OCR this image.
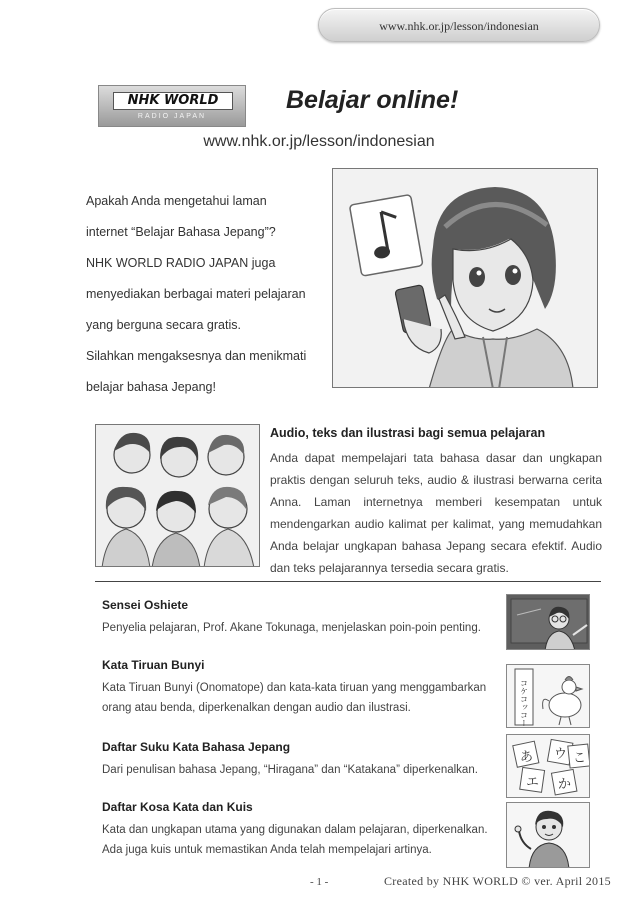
www.nhk.or.jp/lesson/indonesian
NHK WORLD
RADIO JAPAN
Belajar online!
www.nhk.or.jp/lesson/indonesian

Apakah Anda mengetahui laman

internet “Belajar Bahasa Jepang”?

NHK WORLD RADIO JAPAN juga

menyediakan berbagai materi pelajaran

yang berguna secara gratis.

Silahkan mengaksesnya dan menikmati

belajar bahasa Jepang!

Audio, teks dan ilustrasi bagi semua pelajaran

Anda dapat mempelajari tata bahasa dasar dan ungkapan praktis dengan seluruh teks, audio & ilustrasi berwarna cerita Anna. Laman internetnya memberi kesempatan untuk mendengarkan audio kalimat per kalimat, yang memudahkan Anda belajar ungkapan bahasa Jepang secara efektif. Audio dan teks pelajarannya tersedia secara gratis.

Sensei Oshiete

Penyelia pelajaran, Prof. Akane Tokunaga, menjelaskan poin-poin penting.

Kata Tiruan Bunyi

Kata Tiruan Bunyi (Onomatope) dan kata-kata tiruan yang menggambarkan

orang atau benda, diperkenalkan dengan audio dan ilustrasi.

Daftar Suku Kata Bahasa Jepang

Dari penulisan bahasa Jepang, “Hiragana” dan “Katakana” diperkenalkan.

Daftar Kosa Kata dan Kuis

Kata dan ungkapan utama yang digunakan dalam pelajaran, diperkenalkan.

Ada juga kuis untuk memastikan Anda telah mempelajari artinya.

コケコッコー
あ ウ こ
エ か
- 1 -	Created by NHK WORLD © ver. April 2015
